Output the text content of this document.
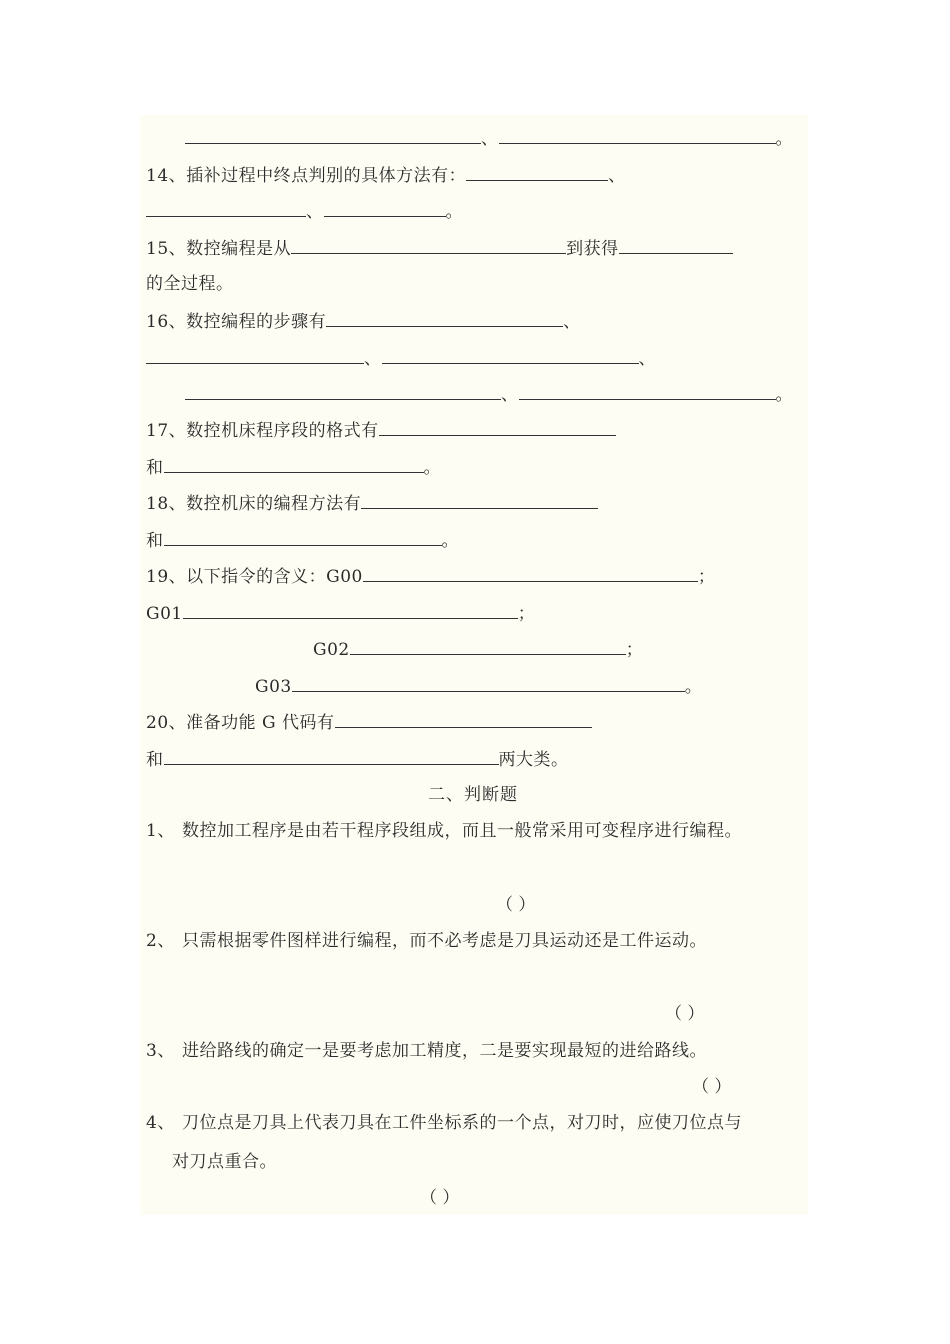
、	。
14、插补过程中终点判别的具体方法有：	、
、	。
15、数控编程是从	到获得
的全过程。
16、数控编程的步骤有	、
、	、
、	。
17、数控机床程序段的格式有
和	。
18、数控机床的编程方法有
和	。
19、以下指令的含义：G00	；
G01	；
G02	；
G03	。
20、准备功能 G 代码有
和	两大类。
二、判断题
1、 数控加工程序是由若干程序段组成，而且一般常采用可变程序进行编程。
（ ）
2、 只需根据零件图样进行编程，而不必考虑是刀具运动还是工件运动。
（ ）
3、 进给路线的确定一是要考虑加工精度，二是要实现最短的进给路线。
（ ）
4、 刀位点是刀具上代表刀具在工件坐标系的一个点，对刀时，应使刀位点与
对刀点重合。
（ ）
